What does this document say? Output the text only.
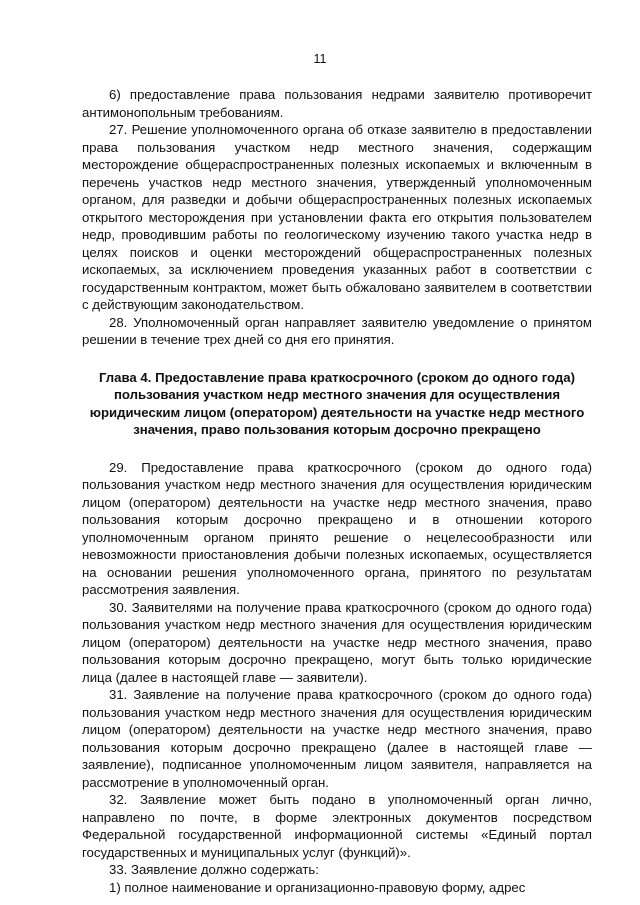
11

6) предоставление права пользования недрами заявителю противоречит антимонопольным требованиям.

27. Решение уполномоченного органа об отказе заявителю в предоставлении права пользования участком недр местного значения, содержащим месторождение общераспространенных полезных ископаемых и включенным в перечень участков недр местного значения, утвержденный уполномоченным органом, для разведки и добычи общераспространенных полезных ископаемых открытого месторождения при установлении факта его открытия пользователем недр, проводившим работы по геологическому изучению такого участка недр в целях поисков и оценки месторождений общераспространенных полезных ископаемых, за исключением проведения указанных работ в соответствии с государственным контрактом, может быть обжаловано заявителем в соответствии с действующим законодательством.

28. Уполномоченный орган направляет заявителю уведомление о принятом решении в течение трех дней со дня его принятия.

Глава 4. Предоставление права краткосрочного (сроком до одного года) пользования участком недр местного значения для осуществления юридическим лицом (оператором) деятельности на участке недр местного значения, право пользования которым досрочно прекращено

29. Предоставление права краткосрочного (сроком до одного года) пользования участком недр местного значения для осуществления юридическим лицом (оператором) деятельности на участке недр местного значения, право пользования которым досрочно прекращено и в отношении которого уполномоченным органом принято решение о нецелесообразности или невозможности приостановления добычи полезных ископаемых, осуществляется на основании решения уполномоченного органа, принятого по результатам рассмотрения заявления.

30. Заявителями на получение права краткосрочного (сроком до одного года) пользования участком недр местного значения для осуществления юридическим лицом (оператором) деятельности на участке недр местного значения, право пользования которым досрочно прекращено, могут быть только юридические лица (далее в настоящей главе — заявители).

31. Заявление на получение права краткосрочного (сроком до одного года) пользования участком недр местного значения для осуществления юридическим лицом (оператором) деятельности на участке недр местного значения, право пользования которым досрочно прекращено (далее в настоящей главе — заявление), подписанное уполномоченным лицом заявителя, направляется на рассмотрение в уполномоченный орган.

32. Заявление может быть подано в уполномоченный орган лично, направлено по почте, в форме электронных документов посредством Федеральной государственной информационной системы «Единый портал государственных и муниципальных услуг (функций)».

33. Заявление должно содержать:

1) полное наименование и организационно-правовую форму, адрес
